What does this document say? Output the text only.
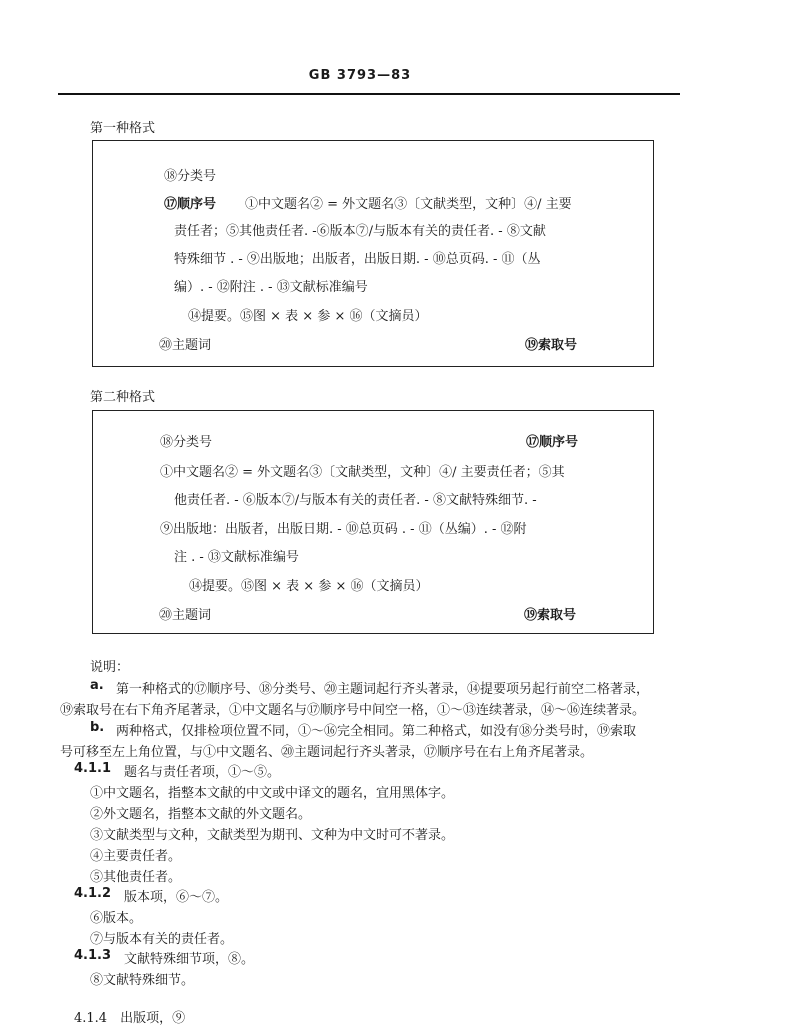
GB 3793—83
第一种格式
⑱分类号
⑰顺序号 ①中文题名② = 外文题名③〔文献类型，文种〕④/ 主要
责任者；⑤其他责任者. -⑥版本⑦/与版本有关的责任者. - ⑧文献
特殊细节 . - ⑨出版地；出版者，出版日期. - ⑩总页码. - ⑪（丛
编）. - ⑫附注 . - ⑬文献标准编号
⑭提要。⑮图 × 表 × 参 × ⑯（文摘员）
⑳主题词	⑲索取号
第二种格式
⑱分类号	⑰顺序号
①中文题名② = 外文题名③〔文献类型，文种〕④/ 主要责任者；⑤其
他责任者. - ⑥版本⑦/与版本有关的责任者. - ⑧文献特殊细节. -
⑨出版地：出版者，出版日期. - ⑩总页码 . - ⑪（丛编）. - ⑫附
注 . - ⑬文献标准编号
⑭提要。⑮图 × 表 × 参 × ⑯（文摘员）
⑳主题词	⑲索取号
说明：
a. 第一种格式的⑰顺序号、⑱分类号、⑳主题词起行齐头著录，⑭提要项另起行前空二格著录，
⑲索取号在右下角齐尾著录，①中文题名与⑰顺序号中间空一格，①～⑬连续著录，⑭～⑯连续著录。
b. 两种格式，仅排检项位置不同，①～⑯完全相同。第二种格式，如没有⑱分类号时，⑲索取
号可移至左上角位置，与①中文题名、⑳主题词起行齐头著录，⑰顺序号在右上角齐尾著录。
4.1.1 题名与责任者项，①～⑤。
①中文题名，指整本文献的中文或中译文的题名，宜用黑体字。
②外文题名，指整本文献的外文题名。
③文献类型与文种，文献类型为期刊、文种为中文时可不著录。
④主要责任者。
⑤其他责任者。
4.1.2 版本项，⑥～⑦。
⑥版本。
⑦与版本有关的责任者。
4.1.3 文献特殊细节项，⑧。
⑧文献特殊细节。
4.1.4　出版项，⑨
